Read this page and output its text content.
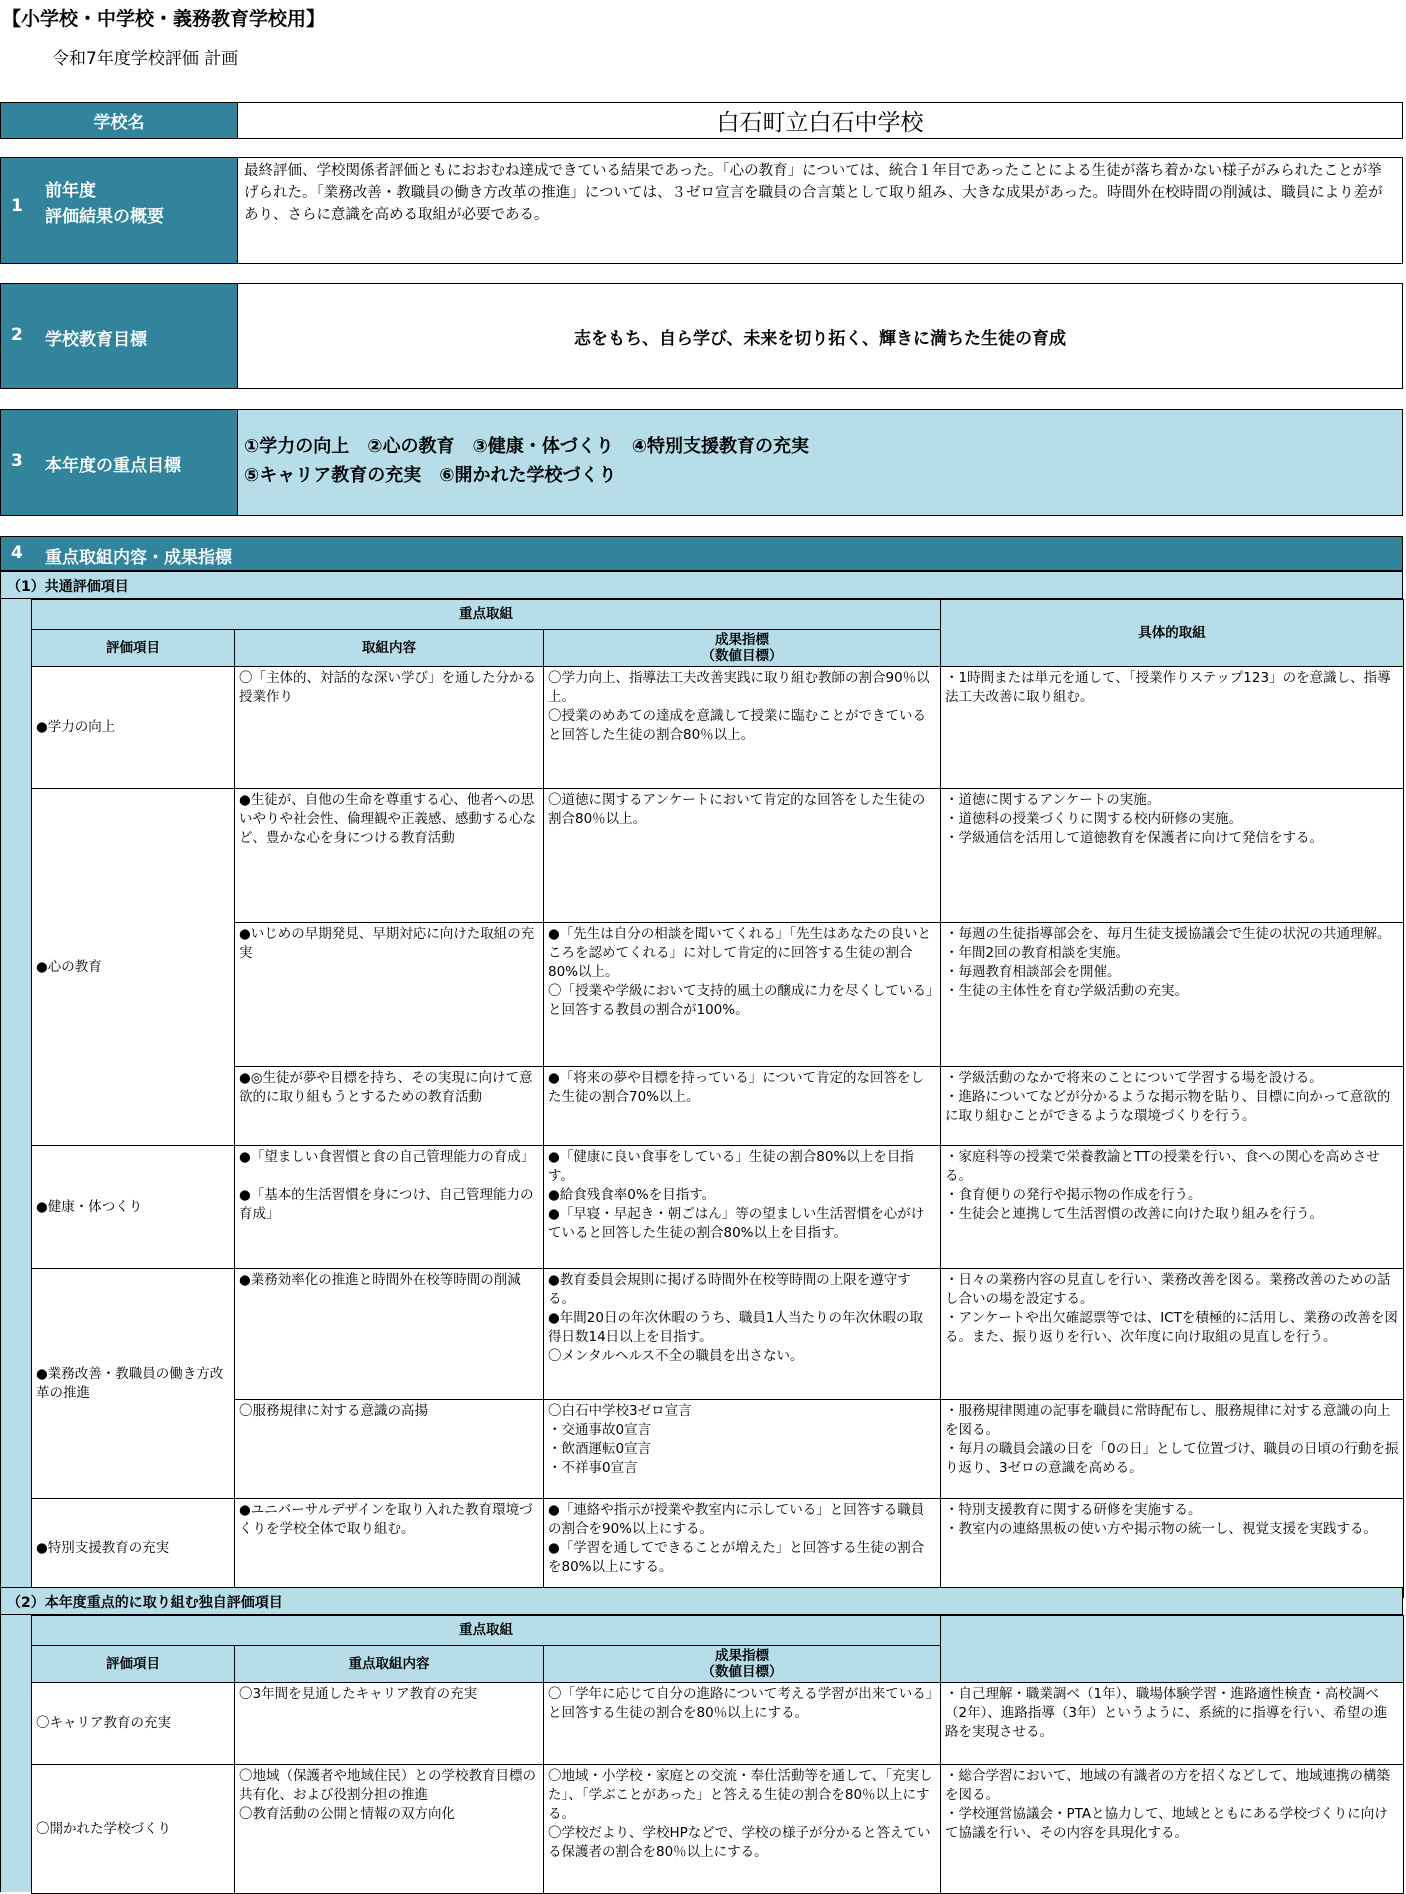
【小学校・中学校・義務教育学校用】
令和7年度学校評価 計画
学校名	白石町立白石中学校
1
前年度
評価結果の概要
最終評価、学校関係者評価ともにおおむね達成できている結果であった。「心の教育」については、統合１年目であったことによる生徒が落ち着かない様子がみられたことが挙げられた。「業務改善・教職員の働き方改革の推進」については、３ゼロ宣言を職員の合言葉として取り組み、大きな成果があった。時間外在校時間の削減は、職員により差があり、さらに意識を高める取組が必要である。
2 学校教育目標	志をもち、自ら学び、未来を切り拓く、輝きに満ちた生徒の育成
3 本年度の重点目標
①学力の向上　②心の教育　③健康・体づくり　④特別支援教育の充実
⑤キャリア教育の充実　⑥開かれた学校づくり
4 重点取組内容・成果指標
（1）共通評価項目
重点取組			具体的取組
評価項目	取組内容	成果指標
（数値目標）	

●学力の向上	〇「主体的、対話的な深い学び」を通した分かる授業作り	〇学力向上、指導法工夫改善実践に取り組む教師の割合90％以上。
〇授業のめあての達成を意識して授業に臨むことができていると回答した生徒の割合80％以上。	・1時間または単元を通して、「授業作りステップ123」のを意識し、指導法工夫改善に取り組む。

●心の教育	●生徒が、自他の生命を尊重する心、他者への思いやりや社会性、倫理観や正義感、感動する心など、豊かな心を身につける教育活動	〇道徳に関するアンケートにおいて肯定的な回答をした生徒の割合80％以上。	・道徳に関するアンケートの実施。
・道徳科の授業づくりに関する校内研修の実施。
・学級通信を活用して道徳教育を保護者に向けて発信をする。

	●いじめの早期発見、早期対応に向けた取組の充実	●「先生は自分の相談を聞いてくれる」「先生はあなたの良いところを認めてくれる」に対して肯定的に回答する生徒の割合80%以上。
〇「授業や学級において支持的風土の醸成に力を尽くしている」と回答する教員の割合が100%。	・毎週の生徒指導部会を、毎月生徒支援協議会で生徒の状況の共通理解。
・年間2回の教育相談を実施。
・毎週教育相談部会を開催。
・生徒の主体性を育む学級活動の充実。

	●◎生徒が夢や目標を持ち、その実現に向けて意欲的に取り組もうとするための教育活動	●「将来の夢や目標を持っている」について肯定的な回答をした生徒の割合70%以上。	・学級活動のなかで将来のことについて学習する場を設ける。
・進路についてなどが分かるような掲示物を貼り、目標に向かって意欲的に取り組むことができるような環境づくりを行う。

●健康・体つくり	●「望ましい食習慣と食の自己管理能力の育成」
●「基本的生活習慣を身につけ、自己管理能力の育成」	●「健康に良い食事をしている」生徒の割合80%以上を目指す。
●給食残食率0%を目指す。
●「早寝・早起き・朝ごはん」等の望ましい生活習慣を心がけていると回答した生徒の割合80%以上を目指す。	・家庭科等の授業で栄養教諭とTTの授業を行い、食への関心を高めさせる。
・食育便りの発行や掲示物の作成を行う。
・生徒会と連携して生活習慣の改善に向けた取り組みを行う。

●業務改善・教職員の働き方改革の推進	●業務効率化の推進と時間外在校等時間の削減	●教育委員会規則に掲げる時間外在校等時間の上限を遵守する。
●年間20日の年次休暇のうち、職員1人当たりの年次休暇の取得日数14日以上を目指す。
〇メンタルヘルス不全の職員を出さない。	・日々の業務内容の見直しを行い、業務改善を図る。業務改善のための話し合いの場を設定する。
・アンケートや出欠確認票等では、ICTを積極的に活用し、業務の改善を図る。また、振り返りを行い、次年度に向け取組の見直しを行う。

	〇服務規律に対する意識の高揚	〇白石中学校3ゼロ宣言
・交通事故0宣言
・飲酒運転0宣言
・不祥事0宣言	・服務規律関連の記事を職員に常時配布し、服務規律に対する意識の向上を図る。
・毎月の職員会議の日を「0の日」として位置づけ、職員の日頃の行動を振り返り、3ゼロの意識を高める。

●特別支援教育の充実	●ユニバーサルデザインを取り入れた教育環境づくりを学校全体で取り組む。	●「連絡や指示が授業や教室内に示している」と回答する職員の割合を90%以上にする。
●「学習を通してできることが増えた」と回答する生徒の割合を80%以上にする。	・特別支援教育に関する研修を実施する。
・教室内の連絡黒板の使い方や掲示物の統一し、視覚支援を実践する。
（2）本年度重点的に取り組む独自評価項目
重点取組			
評価項目	重点取組内容	成果指標
（数値目標）	

〇キャリア教育の充実	〇3年間を見通したキャリア教育の充実	〇「学年に応じて自分の進路について考える学習が出来ている」と回答する生徒の割合を80％以上にする。	・自己理解・職業調べ（1年）、職場体験学習・進路適性検査・高校調べ（2年）、進路指導（3年）というように、系統的に指導を行い、希望の進路を実現させる。

〇開かれた学校づくり	〇地域（保護者や地域住民）との学校教育目標の共有化、および役割分担の推進
〇教育活動の公開と情報の双方向化	〇地域・小学校・家庭との交流・奉仕活動等を通して、「充実した」、「学ぶことがあった」と答える生徒の割合を80％以上にする。
〇学校だより、学校HPなどで、学校の様子が分かると答えている保護者の割合を80％以上にする。	・総合学習において、地域の有識者の方を招くなどして、地域連携の構築を図る。
・学校運営協議会・PTAと協力して、地域とともにある学校づくりに向けて協議を行い、その内容を具現化する。
